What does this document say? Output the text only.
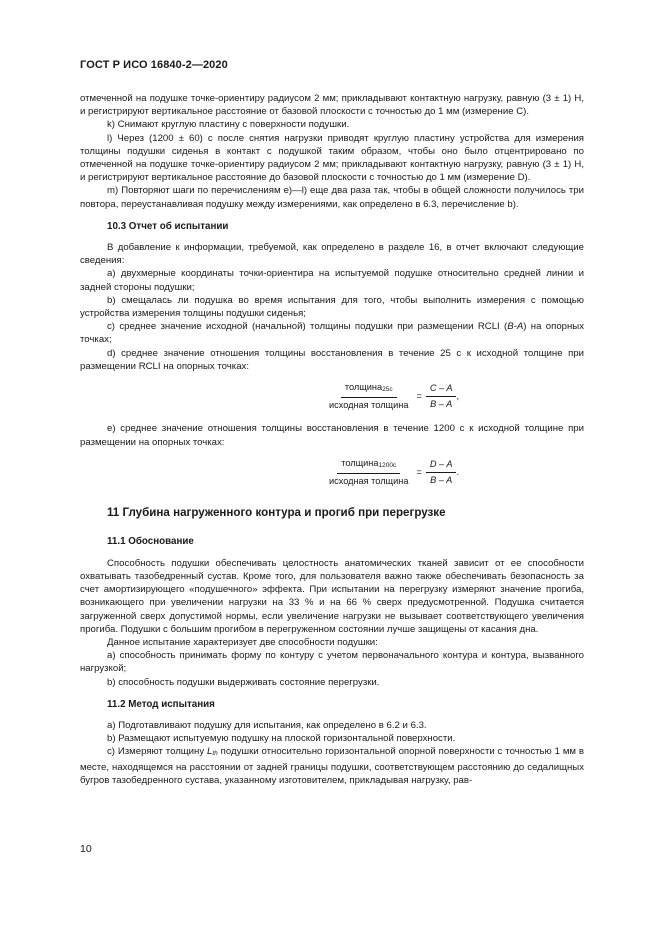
ГОСТ Р ИСО 16840-2—2020

отмеченной на подушке точке-ориентиру радиусом 2 мм; прикладывают контактную нагрузку, равную (3 ± 1) Н, и регистрируют вертикальное расстояние от базовой плоскости с точностью до 1 мм (измерение С).

k) Снимают круглую пластину с поверхности подушки.

l) Через (1200 ± 60) с после снятия нагрузки приводят круглую пластину устройства для измерения толщины подушки сиденья в контакт с подушкой таким образом, чтобы оно было отцентрировано по отмеченной на подушке точке-ориентиру радиусом 2 мм; прикладывают контактную нагрузку, равную (3 ± 1) Н, и регистрируют вертикальное расстояние до базовой плоскости с точностью до 1 мм (измерение D).

m) Повторяют шаги по перечислениям e)—l) еще два раза так, чтобы в общей сложности получилось три повтора, переустанавливая подушку между измерениями, как определено в 6.3, перечисление b).

10.3 Отчет об испытании

В добавление к информации, требуемой, как определено в разделе 16, в отчет включают следующие сведения:

а) двухмерные координаты точки-ориентира на испытуемой подушке относительно средней линии и задней стороны подушки;

b) смещалась ли подушка во время испытания для того, чтобы выполнить измерения с помощью устройства измерения толщины подушки сиденья;

c) среднее значение исходной (начальной) толщины подушки при размещении RCLI (B-A) на опорных точках;

d) среднее значение отношения толщины восстановления в течение 25 с к исходной толщине при размещении RCLI на опорных точках:

$\frac{толщина_{25с}}{\text{исходная толщина}} = \frac{C - A}{B - A}$ ,

e) среднее значение отношения толщины восстановления в течение 1200 с к исходной толщине при размещении на опорных точках:

$\frac{толщина_{1200с}}{\text{исходная толщина}} = \frac{D - A}{B - A}$ .
11 Глубина нагруженного контура и прогиб при перегрузке
11.1 Обоснование

Способность подушки обеспечивать целостность анатомических тканей зависит от ее способности охватывать тазобедренный сустав. Кроме того, для пользователя важно также обеспечивать безопасность за счет амортизирующего «подушечного» эффекта. При испытании на перегрузку измеряют значение прогиба, возникающего при увеличении нагрузки на 33 % и на 66 % сверх предусмотренной. Подушка считается загруженной сверх допустимой нормы, если увеличение нагрузки не вызывает соответствующего увеличения прогиба. Подушки с большим прогибом в перегруженном состоянии лучше защищены от касания дна.

Данное испытание характеризует две способности подушки:

а) способность принимать форму по контуру с учетом первоначального контура и контура, вызванного нагрузкой;

b) способность подушки выдерживать состояние перегрузки.

11.2 Метод испытания

а) Подготавливают подушку для испытания, как определено в 6.2 и 6.3.

b) Размещают испытуемую подушку на плоской горизонтальной поверхности.

c) Измеряют толщину $L_{th}$ подушки относительно горизонтальной опорной поверхности с точностью 1 мм в месте, находящемся на расстоянии от задней границы подушки, соответствующем расстоянию до седалищных бугров тазобедренного сустава, указанному изготовителем, прикладывая нагрузку, рав-

10
